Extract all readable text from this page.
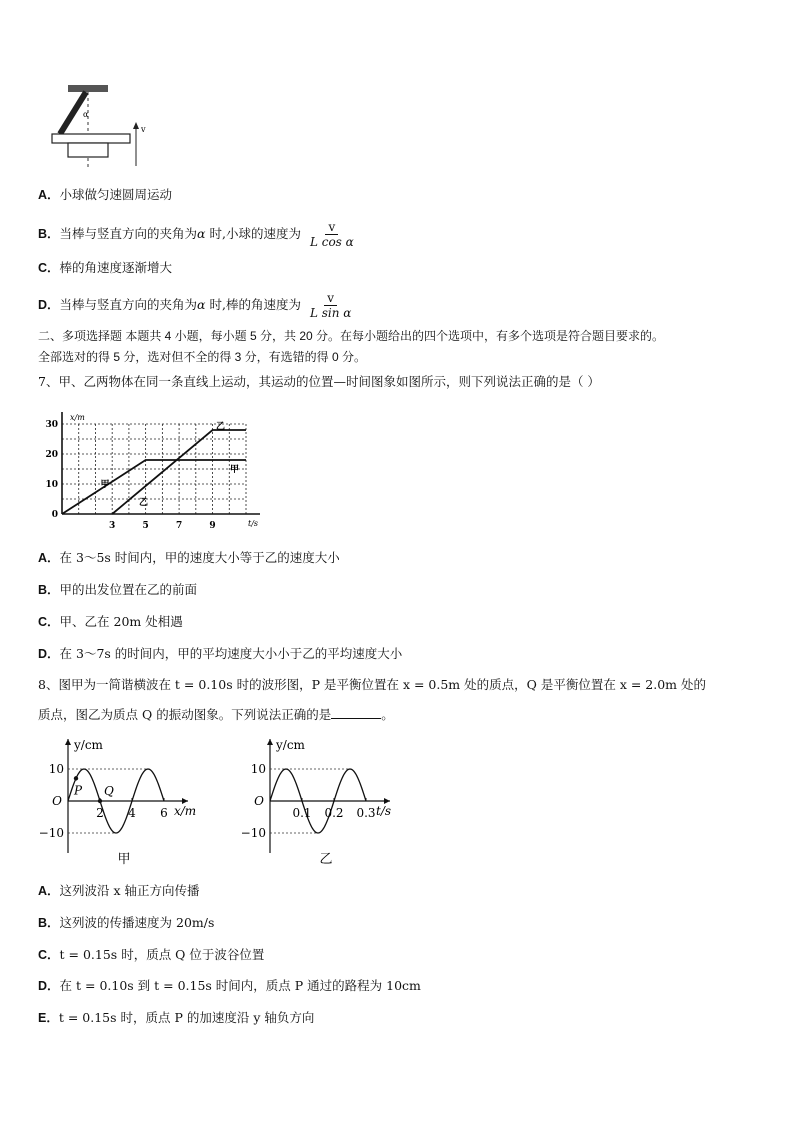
α
v
A．小球做匀速圆周运动
B．当棒与竖直方向的夹角为α 时,小球的速度为 $\frac{v}{\text{L cos α}}$
C．棒的角速度逐渐增大
D．当棒与竖直方向的夹角为α 时,棒的角速度为 $\frac{v}{\text{L sin α}}$
二、多项选择题 本题共 4 小题，每小题 5 分，共 20 分。在每小题给出的四个选项中，有多个选项是符合题目要求的。
全部选对的得 5 分，选对但不全的得 3 分，有选错的得 0 分。
7、甲、乙两物体在同一条直线上运动，其运动的位置—时间图象如图所示，则下列说法正确的是（ ）
x/m
t/s
0
10
20
30
3	5	7	9
甲
甲
乙
乙
A．在 3～5s 时间内，甲的速度大小等于乙的速度大小
B．甲的出发位置在乙的前面
C．甲、乙在 20m 处相遇
D．在 3～7s 的时间内，甲的平均速度大小小于乙的平均速度大小
8、图甲为一简谐横波在 t = 0.10s 时的波形图，P 是平衡位置在 x = 0.5m 处的质点，Q 是平衡位置在 x = 2.0m 处的
质点，图乙为质点 Q 的振动图象。下列说法正确的是	。
y/cm
x/m
O
10
−10
2 4 6
甲
P Q
y/cm
t/s
O
10
−10
0.1 0.2 0.3
乙
A．这列波沿 x 轴正方向传播
B．这列波的传播速度为 20m/s
C．t = 0.15s 时，质点 Q 位于波谷位置
D．在 t = 0.10s 到 t = 0.15s 时间内，质点 P 通过的路程为 10cm
E．t = 0.15s 时，质点 P 的加速度沿 y 轴负方向
